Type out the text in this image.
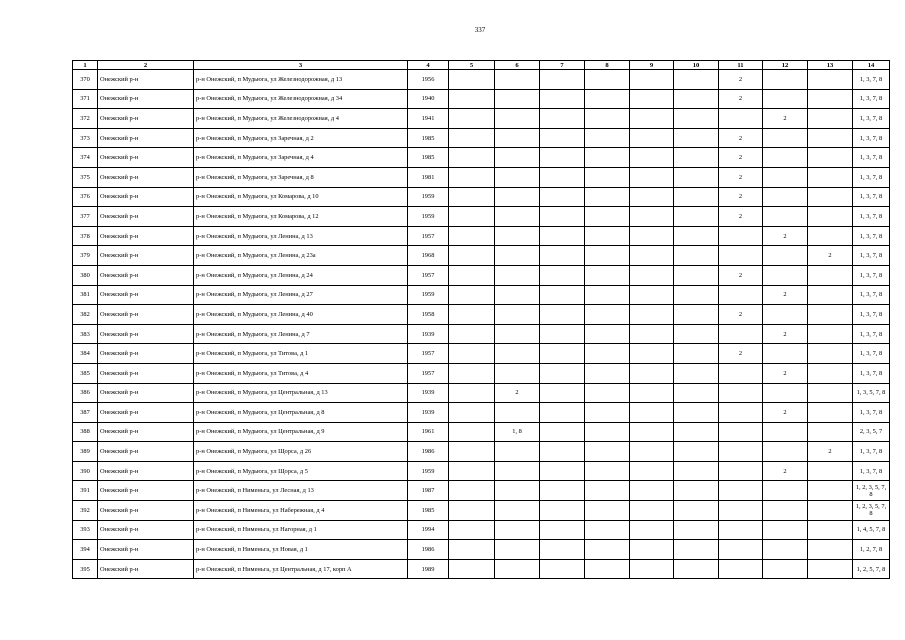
337
1	2	3	4	5	6	7	8	9	10	11	12	13	14
370	Онежский р-н	р-н Онежский, п Мудьюга, ул Железнодорожная, д 13	1956							2			1, 3, 7, 8
371	Онежский р-н	р-н Онежский, п Мудьюга, ул Железнодорожная, д 34	1940							2			1, 3, 7, 8
372	Онежский р-н	р-н Онежский, п Мудьюга, ул Железнодорожная, д 4	1941								2		1, 3, 7, 8
373	Онежский р-н	р-н Онежский, п Мудьюга, ул Заречная, д 2	1985							2			1, 3, 7, 8
374	Онежский р-н	р-н Онежский, п Мудьюга, ул Заречная, д 4	1985							2			1, 3, 7, 8
375	Онежский р-н	р-н Онежский, п Мудьюга, ул Заречная, д 8	1981							2			1, 3, 7, 8
376	Онежский р-н	р-н Онежский, п Мудьюга, ул Комарова, д 10	1959							2			1, 3, 7, 8
377	Онежский р-н	р-н Онежский, п Мудьюга, ул Комарова, д 12	1959							2			1, 3, 7, 8
378	Онежский р-н	р-н Онежский, п Мудьюга, ул Ленина, д 13	1957								2		1, 3, 7, 8
379	Онежский р-н	р-н Онежский, п Мудьюга, ул Ленина, д 23а	1968									2	1, 3, 7, 8
380	Онежский р-н	р-н Онежский, п Мудьюга, ул Ленина, д 24	1957							2			1, 3, 7, 8
381	Онежский р-н	р-н Онежский, п Мудьюга, ул Ленина, д 27	1959								2		1, 3, 7, 8
382	Онежский р-н	р-н Онежский, п Мудьюга, ул Ленина, д 40	1958							2			1, 3, 7, 8
383	Онежский р-н	р-н Онежский, п Мудьюга, ул Ленина, д 7	1939								2		1, 3, 7, 8
384	Онежский р-н	р-н Онежский, п Мудьюга, ул Титова, д 1	1957							2			1, 3, 7, 8
385	Онежский р-н	р-н Онежский, п Мудьюга, ул Титова, д 4	1957								2		1, 3, 7, 8
386	Онежский р-н	р-н Онежский, п Мудьюга, ул Центральная, д 13	1939		2								1, 3, 5, 7, 8
387	Онежский р-н	р-н Онежский, п Мудьюга, ул Центральная, д 8	1939								2		1, 3, 7, 8
388	Онежский р-н	р-н Онежский, п Мудьюга, ул Центральная, д 9	1961		1, 8								2, 3, 5, 7
389	Онежский р-н	р-н Онежский, п Мудьюга, ул Щорса, д 26	1986									2	1, 3, 7, 8
390	Онежский р-н	р-н Онежский, п Мудьюга, ул Щорса, д 5	1959								2		1, 3, 7, 8
391	Онежский р-н	р-н Онежский, п Нименьга, ул Лесная, д 13	1987										1, 2, 3, 5, 7, 8
392	Онежский р-н	р-н Онежский, п Нименьга, ул Набережная, д 4	1985										1, 2, 3, 5, 7, 8
393	Онежский р-н	р-н Онежский, п Нименьга, ул Нагорная, д 1	1994										1, 4, 5, 7, 8
394	Онежский р-н	р-н Онежский, п Нименьга, ул Новая, д 1	1986										1, 2, 7, 8
395	Онежский р-н	р-н Онежский, п Нименьга, ул Центральная, д 17, корп А	1989										1, 2, 5, 7, 8
